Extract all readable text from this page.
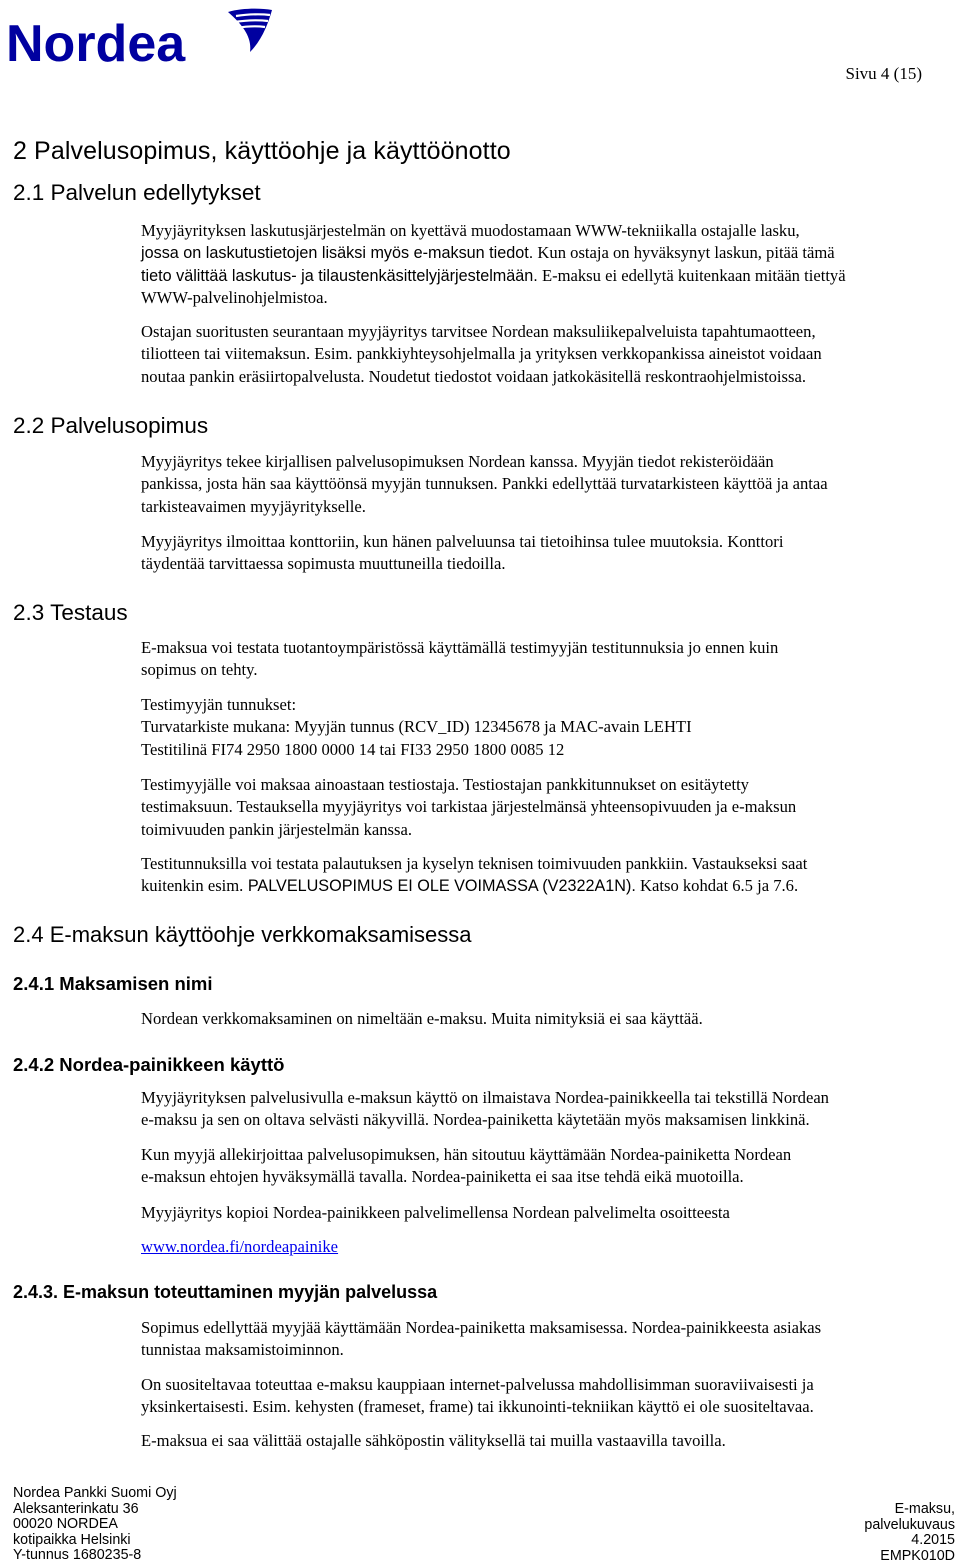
Nordea
Sivu 4 (15)
2 Palvelusopimus, käyttöohje ja käyttöönotto
2.1 Palvelun edellytykset
Myyjäyrityksen laskutusjärjestelmän on kyettävä muodostamaan WWW-tekniikalla ostajalle lasku,
jossa on laskutustietojen lisäksi myös e-maksun tiedot. Kun ostaja on hyväksynyt laskun, pitää tämä
tieto välittää laskutus- ja tilaustenkäsittelyjärjestelmään. E-maksu ei edellytä kuitenkaan mitään tiettyä
WWW-palvelinohjelmistoa.
Ostajan suoritusten seurantaan myyjäyritys tarvitsee Nordean maksuliikepalveluista tapahtumaotteen,
tiliotteen tai viitemaksun. Esim. pankkiyhteysohjelmalla ja yrityksen verkkopankissa aineistot voidaan
noutaa pankin eräsiirtopalvelusta. Noudetut tiedostot voidaan jatkokäsitellä reskontraohjelmistoissa.
2.2 Palvelusopimus
Myyjäyritys tekee kirjallisen palvelusopimuksen Nordean kanssa. Myyjän tiedot rekisteröidään
pankissa, josta hän saa käyttöönsä myyjän tunnuksen. Pankki edellyttää turvatarkisteen käyttöä ja antaa
tarkisteavaimen myyjäyritykselle.
Myyjäyritys ilmoittaa konttoriin, kun hänen palveluunsa tai tietoihinsa tulee muutoksia. Konttori
täydentää tarvittaessa sopimusta muuttuneilla tiedoilla.
2.3 Testaus
E-maksua voi testata tuotantoympäristössä käyttämällä testimyyjän testitunnuksia jo ennen kuin
sopimus on tehty.
Testimyyjän tunnukset:
Turvatarkiste mukana: Myyjän tunnus (RCV_ID) 12345678 ja MAC-avain LEHTI
Testitilinä FI74 2950 1800 0000 14 tai FI33 2950 1800 0085 12
Testimyyjälle voi maksaa ainoastaan testiostaja. Testiostajan pankkitunnukset on esitäytetty
testimaksuun. Testauksella myyjäyritys voi tarkistaa järjestelmänsä yhteensopivuuden ja e-maksun
toimivuuden pankin järjestelmän kanssa.
Testitunnuksilla voi testata palautuksen ja kyselyn teknisen toimivuuden pankkiin. Vastaukseksi saat
kuitenkin esim. PALVELUSOPIMUS EI OLE VOIMASSA (V2322A1N). Katso kohdat 6.5 ja 7.6.
2.4 E-maksun käyttöohje verkkomaksamisessa
2.4.1 Maksamisen nimi
Nordean verkkomaksaminen on nimeltään e-maksu. Muita nimityksiä ei saa käyttää.
2.4.2 Nordea-painikkeen käyttö
Myyjäyrityksen palvelusivulla e-maksun käyttö on ilmaistava Nordea-painikkeella tai tekstillä Nordean
e-maksu ja sen on oltava selvästi näkyvillä. Nordea-painiketta käytetään myös maksamisen linkkinä.
Kun myyjä allekirjoittaa palvelusopimuksen, hän sitoutuu käyttämään Nordea-painiketta Nordean
e-maksun ehtojen hyväksymällä tavalla. Nordea-painiketta ei saa itse tehdä eikä muotoilla.
Myyjäyritys kopioi Nordea-painikkeen palvelimellensa Nordean palvelimelta osoitteesta
www.nordea.fi/nordeapainike
2.4.3. E-maksun toteuttaminen myyjän palvelussa
Sopimus edellyttää myyjää käyttämään Nordea-painiketta maksamisessa. Nordea-painikkeesta asiakas
tunnistaa maksamistoiminnon.
On suositeltavaa toteuttaa e-maksu kauppiaan internet-palvelussa mahdollisimman suoraviivaisesti ja
yksinkertaisesti. Esim. kehysten (frameset, frame) tai ikkunointi-tekniikan käyttö ei ole suositeltavaa.
E-maksua ei saa välittää ostajalle sähköpostin välityksellä tai muilla vastaavilla tavoilla.
Nordea Pankki Suomi Oyj
Aleksanterinkatu 36
00020 NORDEA
kotipaikka Helsinki
Y-tunnus 1680235-8
E-maksu,
palvelukuvaus
4.2015
EMPK010D
